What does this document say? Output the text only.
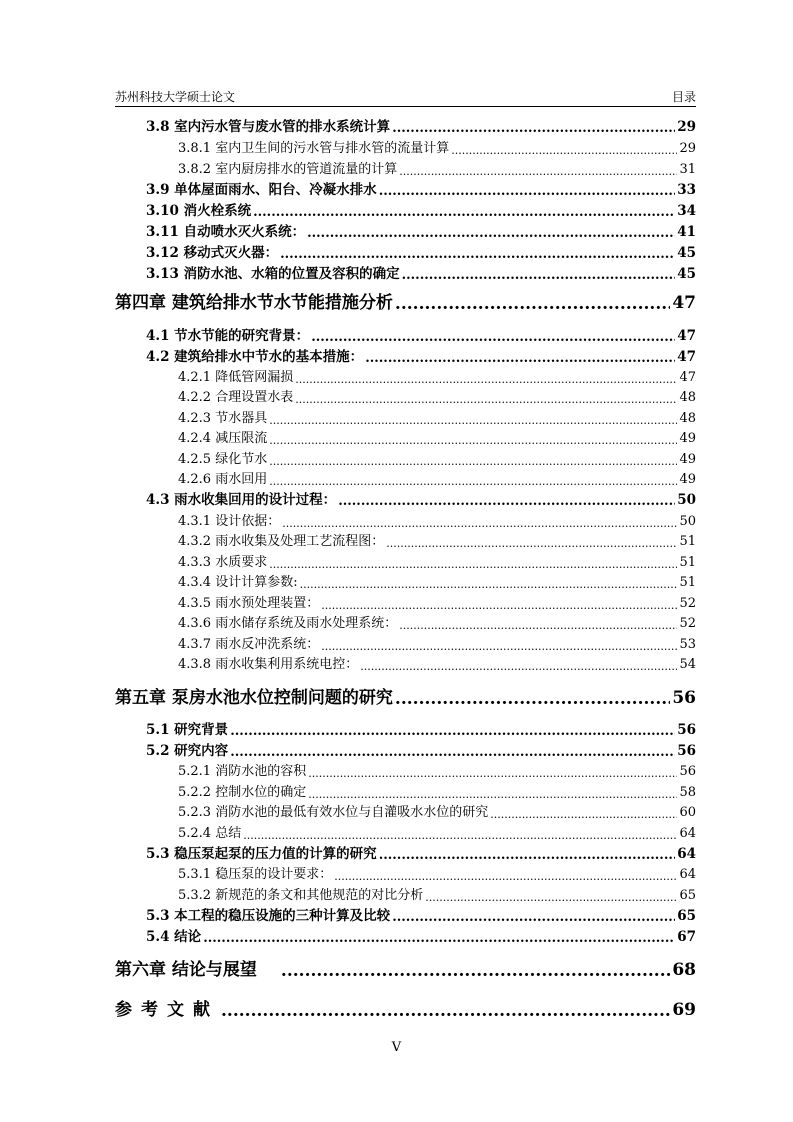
苏州科技大学硕士论文	目录
3.8 室内污水管与废水管的排水系统计算 .....	29
3.8.1 室内卫生间的污水管与排水管的流量计算 .....	29
3.8.2 室内厨房排水的管道流量的计算 .....	31
3.9 单体屋面雨水、阳台、冷凝水排水 .....	33
3.10 消火栓系统 .....	34
3.11 自动喷水灭火系统： .....	41
3.12 移动式灭火器： .....	45
3.13 消防水池、水箱的位置及容积的确定 .....	45
第四章 建筑给排水节水节能措施分析 .....	47
4.1 节水节能的研究背景： .....	47
4.2 建筑给排水中节水的基本措施： .....	47
4.2.1 降低管网漏损 .....	47
4.2.2 合理设置水表 .....	48
4.2.3 节水器具 .....	48
4.2.4 减压限流 .....	49
4.2.5 绿化节水 .....	49
4.2.6 雨水回用 .....	49
4.3 雨水收集回用的设计过程： .....	50
4.3.1 设计依据： .....	50
4.3.2 雨水收集及处理工艺流程图： .....	51
4.3.3 水质要求 .....	51
4.3.4 设计计算参数: .....	51
4.3.5 雨水预处理装置： .....	52
4.3.6 雨水储存系统及雨水处理系统： .....	52
4.3.7 雨水反冲洗系统： .....	53
4.3.8 雨水收集利用系统电控： .....	54
第五章 泵房水池水位控制问题的研究 .....	56
5.1 研究背景 .....	56
5.2 研究内容 .....	56
5.2.1 消防水池的容积 .....	56
5.2.2 控制水位的确定 .....	58
5.2.3 消防水池的最低有效水位与自灌吸水水位的研究 .....	60
5.2.4 总结 .....	64
5.3 稳压泵起泵的压力值的计算的研究 .....	64
5.3.1 稳压泵的设计要求： .....	64
5.3.2 新规范的条文和其他规范的对比分析 .....	65
5.3 本工程的稳压设施的三种计算及比较 .....	65
5.4 结论 .....	67
第六章 结论与展望 .....	68
参考文献 .....	69
V
